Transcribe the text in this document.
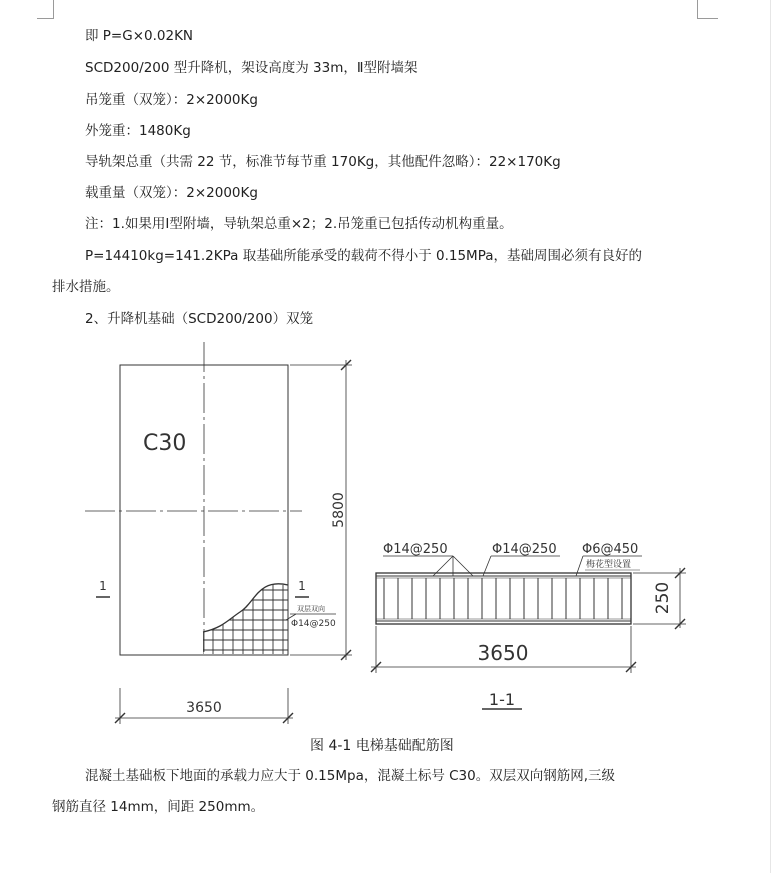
即 P=G×0.02KN
SCD200/200 型升降机，架设高度为 33m，Ⅱ型附墙架
吊笼重（双笼）：2×2000Kg
外笼重：1480Kg
导轨架总重（共需 22 节，标准节每节重 170Kg，其他配件忽略）：22×170Kg
载重量（双笼）：2×2000Kg
注：1.如果用Ⅰ型附墙，导轨架总重×2；2.吊笼重已包括传动机构重量。
P=14410kg=141.2KPa 取基础所能承受的载荷不得小于 0.15MPa，基础周围必须有良好的
排水措施。
2、升降机基础（SCD200/200）双笼
C30
5800
3650
1	1
双层双向
Φ14@250
Φ14@250	Φ14@250 Φ6@450
梅花型设置
250
3650
1-1
图 4-1 电梯基础配筋图
混凝土基础板下地面的承载力应大于 0.15Mpa，混凝土标号 C30。双层双向钢筋网,三级
钢筋直径 14mm，间距 250mm。
